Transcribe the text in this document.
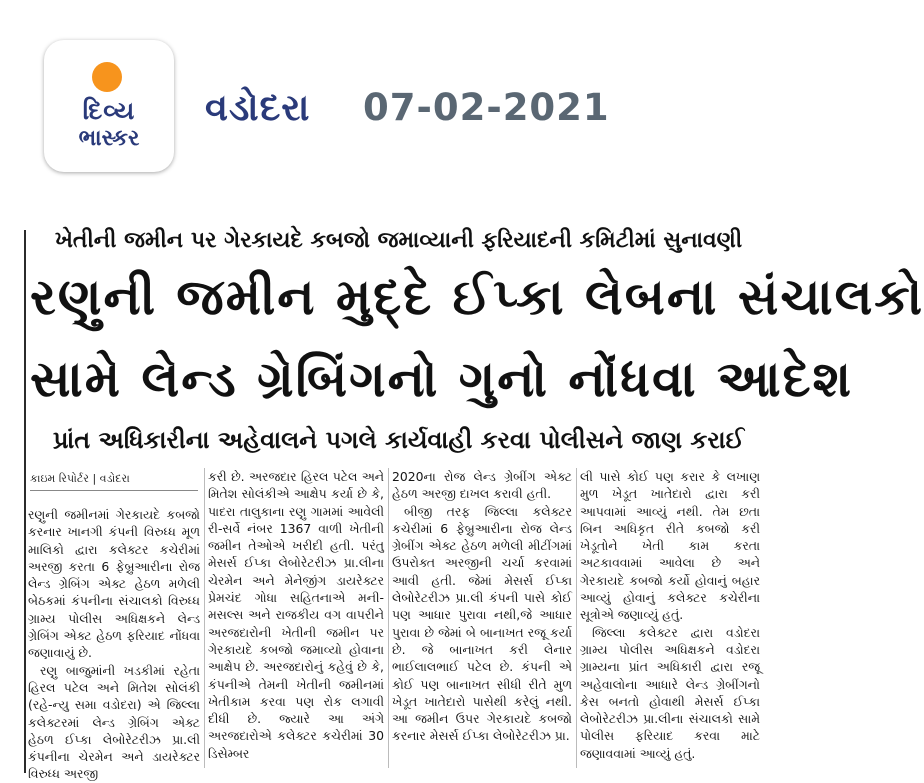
દિવ્ય
ભાસ્કર
વડોદરા 07-02-2021
ખેતીની જમીન પર ગેરકાયદે કબજો જમાવ્યાની ફરિયાદની કમિટીમાં સુનાવણી
રણુની જમીન મુદ્દે ઈપ્કા લેબના સંચાલકો
સામે લેન્ડ ગ્રેબિંગનો ગુનો નોંધવા આદેશ
પ્રાંત અધિકારીના અહેવાલને પગલે કાર્યવાહી કરવા પોલીસને જાણ કરાઈ
કાઇમ રિપોર્ટર | વડોદરા

રણુની જમીનમાં ગેરકાયદે કબજો કરનાર ખાનગી કંપની વિરુધ્ધ મૂળ માલિકો દ્વારા કલેક્ટર કચેરીમાં અરજી કરતા 6 ફેબ્રુઆરીના રોજ લેન્ડ ગ્રેબિંગ એક્ટ હેઠળ મળેલી બેઠકમાં કંપનીના સંચાલકો વિરુધ્ધ ગ્રામ્ય પોલીસ અધિક્ષકને લેન્ડ ગ્રેબિંગ એક્ટ હેઠળ ફરિયાદ નોંધવા જણાવાયું છે.

રણુ બાજુમાંની ખડકીમાં રહેતા હિરલ પટેલ અને મિતેશ સોલંકી (રહે-ન્યુ સમા વડોદરા) એ જિલ્લા કલેક્ટરમાં લેન્ડ ગ્રેબિંગ એક્ટ હેઠળ ઈપ્કા લેબોરેટરીઝ પ્રા.લી કંપનીના ચેરમેન અને ડાયરેક્ટર વિરુધ્ધ અરજી

કરી છે. અરજદાર હિરલ પટેલ અને મિતેશ સોલંકીએ આક્ષેપ કર્યા છે કે, પાદરા તાલુકાના રણુ ગામમાં આવેલી રી-સર્વે નંબર 1367 વાળી ખેતીની જમીન તેઓએ ખરીદી હતી. પરંતુ મેસર્સ ઈપ્કા લેબોરેટરીઝ પ્રા.લીના ચેરમેન અને મેનેજીંગ ડાયરેક્ટર પ્રેમચંદ ગોધા સહિતનાએ મની-મસલ્સ અને રાજકીય વગ વાપરીને અરજદારોની ખેતીની જમીન પર ગેરકાયદે કબજો જમાવ્યો હોવાના આક્ષેપ છે. અરજદારોનું કહેવું છે કે, કંપનીએ તેમની ખેતીની જમીનમાં ખેતીકામ કરવા પણ રોક લગાવી દીધી છે. જ્યારે આ અંગે અરજદારોએ કલેક્ટર કચેરીમાં 30 ડિસેમ્બર

2020ના રોજ લેન્ડ ગ્રેબીંગ એક્ટ હેઠળ અરજી દાખલ કરાવી હતી.

બીજી તરફ જિલ્લા કલેક્ટર કચેરીમાં 6 ફેબ્રુઆરીના રોજ લેન્ડ ગ્રેબીંગ એક્ટ હેઠળ મળેલી મીટીંગમાં ઉપરોક્ત અરજીની ચર્ચા કરવામાં આવી હતી. જેમાં મેસર્સ ઈપ્કા લેબોરેટરીઝ પ્રા.લી કંપની પાસે કોઈ પણ આધાર પુરાવા નથી,જે આધાર પુરાવા છે જેમાં બે બાનાખત રજૂ કર્યા છે. જે બાનાખત કરી લેનાર ભાઈલાલભાઈ પટેલ છે. કંપની એ કોઈ પણ બાનાખત સીધી રીતે મુળ ખેડૂત ખાતેદારો પાસેથી કરેલું નથી. આ જમીન ઉપર ગેરકાયદે કબજો કરનાર મેસર્સ ઈપ્કા લેબોરેટરીઝ પ્રા.

લી પાસે કોઈ પણ કરાર કે લખાણ મુળ ખેડૂત ખાતેદારો દ્વારા કરી આપવામાં આવ્યું નથી. તેમ છતા બિન અધિકૃત રીતે કબજો કરી ખેડૂતોને ખેતી કામ કરતા અટકાવવામાં આવેલા છે અને ગેરકાયદે કબજો કર્યો હોવાનું બહાર આવ્યું હોવાનું કલેક્ટર કચેરીના સૂત્રોએ જણાવ્યું હતું.

જિલ્લા કલેક્ટર દ્વારા વડોદરા ગ્રામ્ય પોલીસ અધિક્ષકને વડોદરા ગ્રામ્યના પ્રાંત અધિકારી દ્વારા રજૂ અહેવાલોના આધારે લેન્ડ ગ્રેબીંગનો કેસ બનતો હોવાથી મેસર્સ ઈપ્કા લેબોરેટરીઝ પ્રા.લીના સંચાલકો સામે પોલીસ ફરિયાદ કરવા માટે જણાવવામાં આવ્યું હતું.
